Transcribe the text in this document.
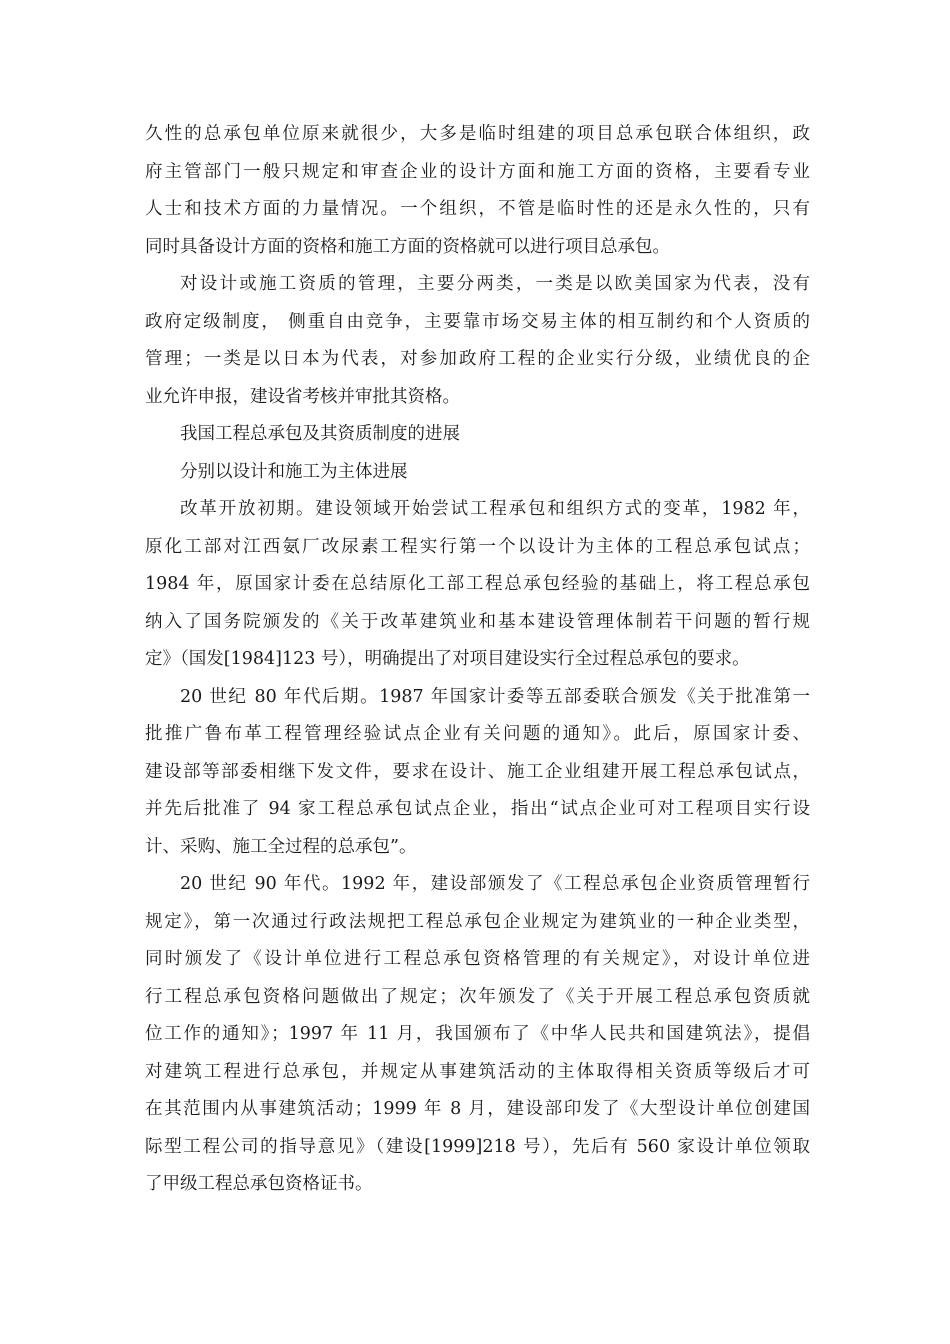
久性的总承包单位原来就很少，大多是临时组建的项目总承包联合体组织，政
府主管部门一般只规定和审查企业的设计方面和施工方面的资格，主要看专业
人士和技术方面的力量情况。一个组织，不管是临时性的还是永久性的，只有
同时具备设计方面的资格和施工方面的资格就可以进行项目总承包。
对设计或施工资质的管理，主要分两类，一类是以欧美国家为代表，没有
政府定级制度， 侧重自由竞争，主要靠市场交易主体的相互制约和个人资质的
管理；一类是以日本为代表，对参加政府工程的企业实行分级，业绩优良的企
业允许申报，建设省考核并审批其资格。
我国工程总承包及其资质制度的进展
分别以设计和施工为主体进展
改革开放初期。建设领域开始尝试工程承包和组织方式的变革，1982 年，
原化工部对江西氨厂改尿素工程实行第一个以设计为主体的工程总承包试点；
1984 年，原国家计委在总结原化工部工程总承包经验的基础上，将工程总承包
纳入了国务院颁发的《关于改革建筑业和基本建设管理体制若干问题的暂行规
定》（国发[1984]123 号），明确提出了对项目建设实行全过程总承包的要求。
20 世纪 80 年代后期。1987 年国家计委等五部委联合颁发《关于批准第一
批推广鲁布革工程管理经验试点企业有关问题的通知》。此后，原国家计委、
建设部等部委相继下发文件，要求在设计、施工企业组建开展工程总承包试点，
并先后批准了 94 家工程总承包试点企业，指出“试点企业可对工程项目实行设
计、采购、施工全过程的总承包”。
20 世纪 90 年代。1992 年，建设部颁发了《工程总承包企业资质管理暂行
规定》，第一次通过行政法规把工程总承包企业规定为建筑业的一种企业类型，
同时颁发了《设计单位进行工程总承包资格管理的有关规定》，对设计单位进
行工程总承包资格问题做出了规定；次年颁发了《关于开展工程总承包资质就
位工作的通知》；1997 年 11 月，我国颁布了《中华人民共和国建筑法》，提倡
对建筑工程进行总承包，并规定从事建筑活动的主体取得相关资质等级后才可
在其范围内从事建筑活动；1999 年 8 月，建设部印发了《大型设计单位创建国
际型工程公司的指导意见》（建设[1999]218 号），先后有 560 家设计单位领取
了甲级工程总承包资格证书。
